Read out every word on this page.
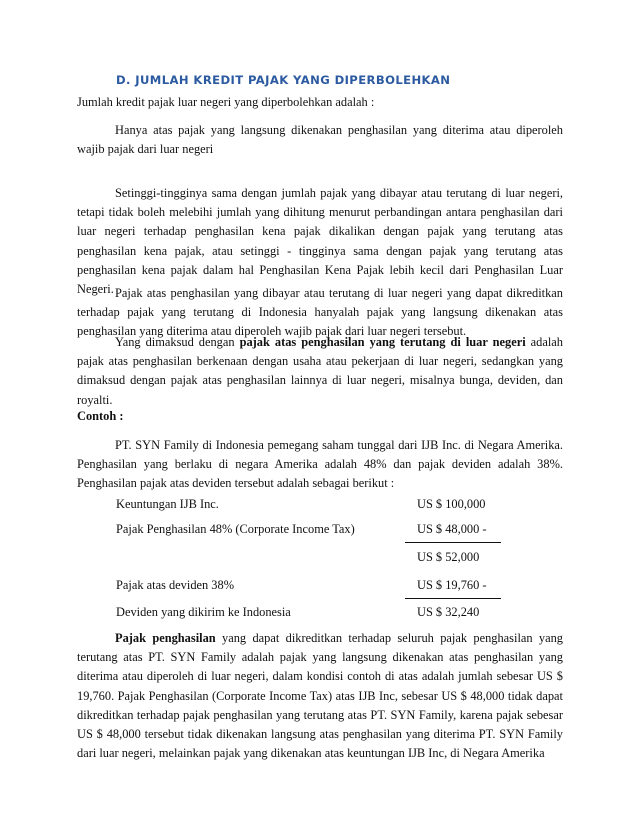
D. JUMLAH KREDIT PAJAK YANG DIPERBOLEHKAN
Jumlah kredit pajak luar negeri yang diperbolehkan adalah :
Hanya atas pajak yang langsung dikenakan penghasilan yang diterima atau diperoleh wajib pajak dari luar negeri
Setinggi-tingginya sama dengan jumlah pajak yang dibayar atau terutang di luar negeri, tetapi tidak boleh melebihi jumlah yang dihitung menurut perbandingan antara penghasilan dari luar negeri terhadap penghasilan kena pajak dikalikan dengan pajak yang terutang atas penghasilan kena pajak, atau setinggi - tingginya sama dengan pajak yang terutang atas penghasilan kena pajak dalam hal Penghasilan Kena Pajak lebih kecil dari Penghasilan Luar Negeri. Pajak atas penghasilan yang dibayar atau terutang di luar negeri yang dapat dikreditkan terhadap pajak yang terutang di Indonesia hanyalah pajak yang langsung dikenakan atas penghasilan yang diterima atau diperoleh wajib pajak dari luar negeri tersebut.
Yang dimaksud dengan pajak atas penghasilan yang terutang di luar negeri adalah pajak atas penghasilan berkenaan dengan usaha atau pekerjaan di luar negeri, sedangkan yang dimaksud dengan pajak atas penghasilan lainnya di luar negeri, misalnya bunga, deviden, dan royalti.
Contoh :
PT. SYN Family di Indonesia pemegang saham tunggal dari IJB Inc. di Negara Amerika. Penghasilan yang berlaku di negara Amerika adalah 48% dan pajak deviden adalah 38%. Penghasilan pajak atas deviden tersebut adalah sebagai berikut :
Keuntungan IJB Inc.	US $ 100,000
Pajak Penghasilan 48% (Corporate Income Tax)	US $ 48,000 -
US $ 52,000
Pajak atas deviden 38%	US $ 19,760 -
Deviden yang dikirim ke Indonesia	US $ 32,240
Pajak penghasilan yang dapat dikreditkan terhadap seluruh pajak penghasilan yang terutang atas PT. SYN Family adalah pajak yang langsung dikenakan atas penghasilan yang diterima atau diperoleh di luar negeri, dalam kondisi contoh di atas adalah jumlah sebesar US $ 19,760. Pajak Penghasilan (Corporate Income Tax) atas IJB Inc, sebesar US $ 48,000 tidak dapat dikreditkan terhadap pajak penghasilan yang terutang atas PT. SYN Family, karena pajak sebesar US $ 48,000 tersebut tidak dikenakan langsung atas penghasilan yang diterima PT. SYN Family dari luar negeri, melainkan pajak yang dikenakan atas keuntungan IJB Inc, di Negara Amerika
